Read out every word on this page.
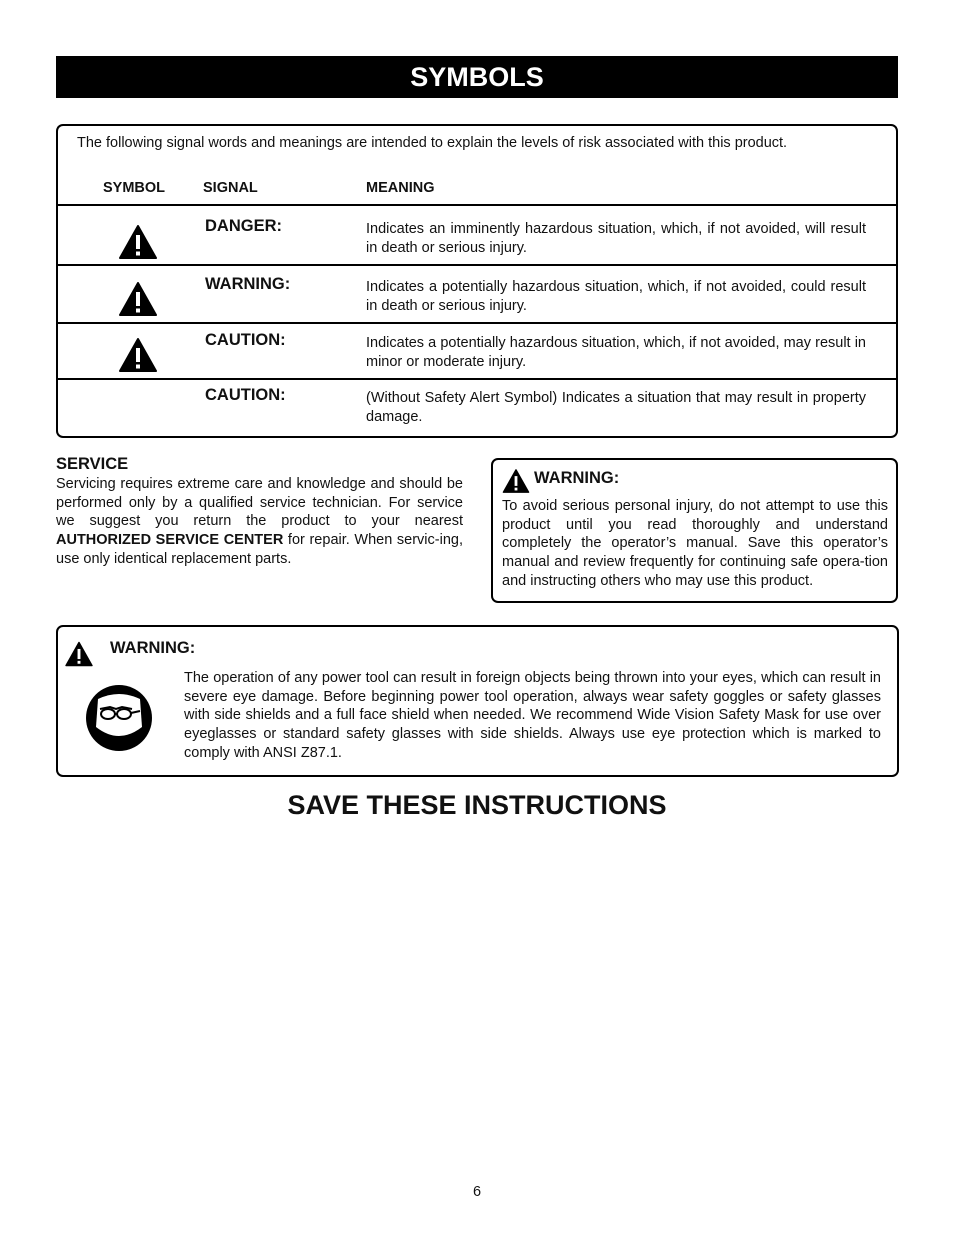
SYMBOLS
The following signal words and meanings are intended to explain the levels of risk associated with this product.
SYMBOL	SIGNAL	MEANING
DANGER:	Indicates an imminently hazardous situation, which, if not avoided, will result in death or serious injury.
WARNING:	Indicates a potentially hazardous situation, which, if not avoided, could result in death or serious injury.
CAUTION:	Indicates a potentially hazardous situation, which, if not avoided, may result in minor or moderate injury.
CAUTION:	(Without Safety Alert Symbol) Indicates a situation that may result in property damage.
SERVICE
Servicing requires extreme care and knowledge and should be performed only by a qualified service technician. For service we suggest you return the product to your nearest AUTHORIZED SERVICE CENTER for repair. When servic-ing, use only identical replacement parts.
WARNING:
To avoid serious personal injury, do not attempt to use this product until you read thoroughly and understand completely the operator’s manual. Save this operator’s manual and review frequently for continuing safe opera-tion and instructing others who may use this product.
WARNING:
The operation of any power tool can result in foreign objects being thrown into your eyes, which can result in severe eye damage. Before beginning power tool operation, always wear safety goggles or safety glasses with side shields and a full face shield when needed. We recommend Wide Vision Safety Mask for use over eyeglasses or standard safety glasses with side shields. Always use eye protection which is marked to comply with ANSI Z87.1.
SAVE THESE INSTRUCTIONS
6
